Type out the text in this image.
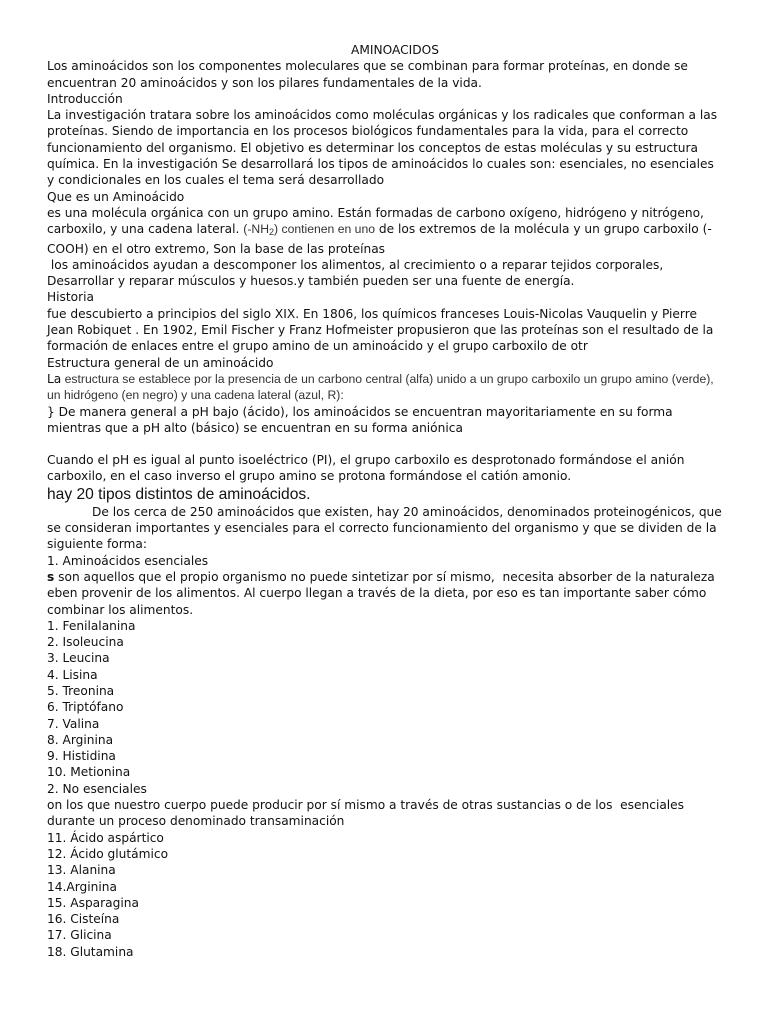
AMINOACIDOS

Los aminoácidos son los componentes moleculares que se combinan para formar proteínas, en donde se encuentran 20 aminoácidos y son los pilares fundamentales de la vida.

Introducción

La investigación tratara sobre los aminoácidos como moléculas orgánicas y los radicales que conforman a las proteínas. Siendo de importancia en los procesos biológicos fundamentales para la vida, para el correcto funcionamiento del organismo. El objetivo es determinar los conceptos de estas moléculas y su estructura química. En la investigación Se desarrollará los tipos de aminoácidos lo cuales son: esenciales, no esenciales y condicionales en los cuales el tema será desarrollado

Que es un Aminoácido

es una molécula orgánica con un grupo amino. Están formadas de carbono oxígeno, hidrógeno y nitrógeno, carboxilo, y una cadena lateral. $(-NH_2)$ contienen en uno de los extremos de la molécula y un grupo carboxilo (-COOH) en el otro extremo, Son la base de las proteínas

los aminoácidos ayudan a descomponer los alimentos, al crecimiento o a reparar tejidos corporales, Desarrollar y reparar músculos y huesos.y también pueden ser una fuente de energía.

Historia

fue descubierto a principios del siglo XIX. En 1806, los químicos franceses Louis-Nicolas Vauquelin y Pierre Jean Robiquet . En 1902, Emil Fischer y Franz Hofmeister propusieron que las proteínas son el resultado de la formación de enlaces entre el grupo amino de un aminoácido y el grupo carboxilo de otr

Estructura general de un aminoácido

La estructura se establece por la presencia de un carbono central (alfa) unido a un grupo carboxilo un grupo amino (verde), un hidrógeno (en negro) y una cadena lateral (azul, R):

} De manera general a pH bajo (ácido), los aminoácidos se encuentran mayoritariamente en su forma mientras que a pH alto (básico) se encuentran en su forma aniónica

Cuando el pH es igual al punto isoeléctrico (PI), el grupo carboxilo es desprotonado formándose el anión carboxilo, en el caso inverso el grupo amino se protona formándose el catión amonio.

hay 20 tipos distintos de aminoácidos.

De los cerca de 250 aminoácidos que existen, hay 20 aminoácidos, denominados proteinogénicos, que se consideran importantes y esenciales para el correcto funcionamiento del organismo y que se dividen de la siguiente forma:

1. Aminoácidos esenciales

s son aquellos que el propio organismo no puede sintetizar por sí mismo,  necesita absorber de la naturaleza eben provenir de los alimentos. Al cuerpo llegan a través de la dieta, por eso es tan importante saber cómo combinar los alimentos.

1. Fenilalanina

2. Isoleucina

3. Leucina

4. Lisina

5. Treonina

6. Triptófano

7. Valina

8. Arginina

9. Histidina

10. Metionina

2. No esenciales

on los que nuestro cuerpo puede producir por sí mismo a través de otras sustancias o de los  esenciales durante un proceso denominado transaminación

11. Ácido aspártico

12. Ácido glutámico

13. Alanina

14.Arginina

15. Asparagina

16. Cisteína

17. Glicina

18. Glutamina
